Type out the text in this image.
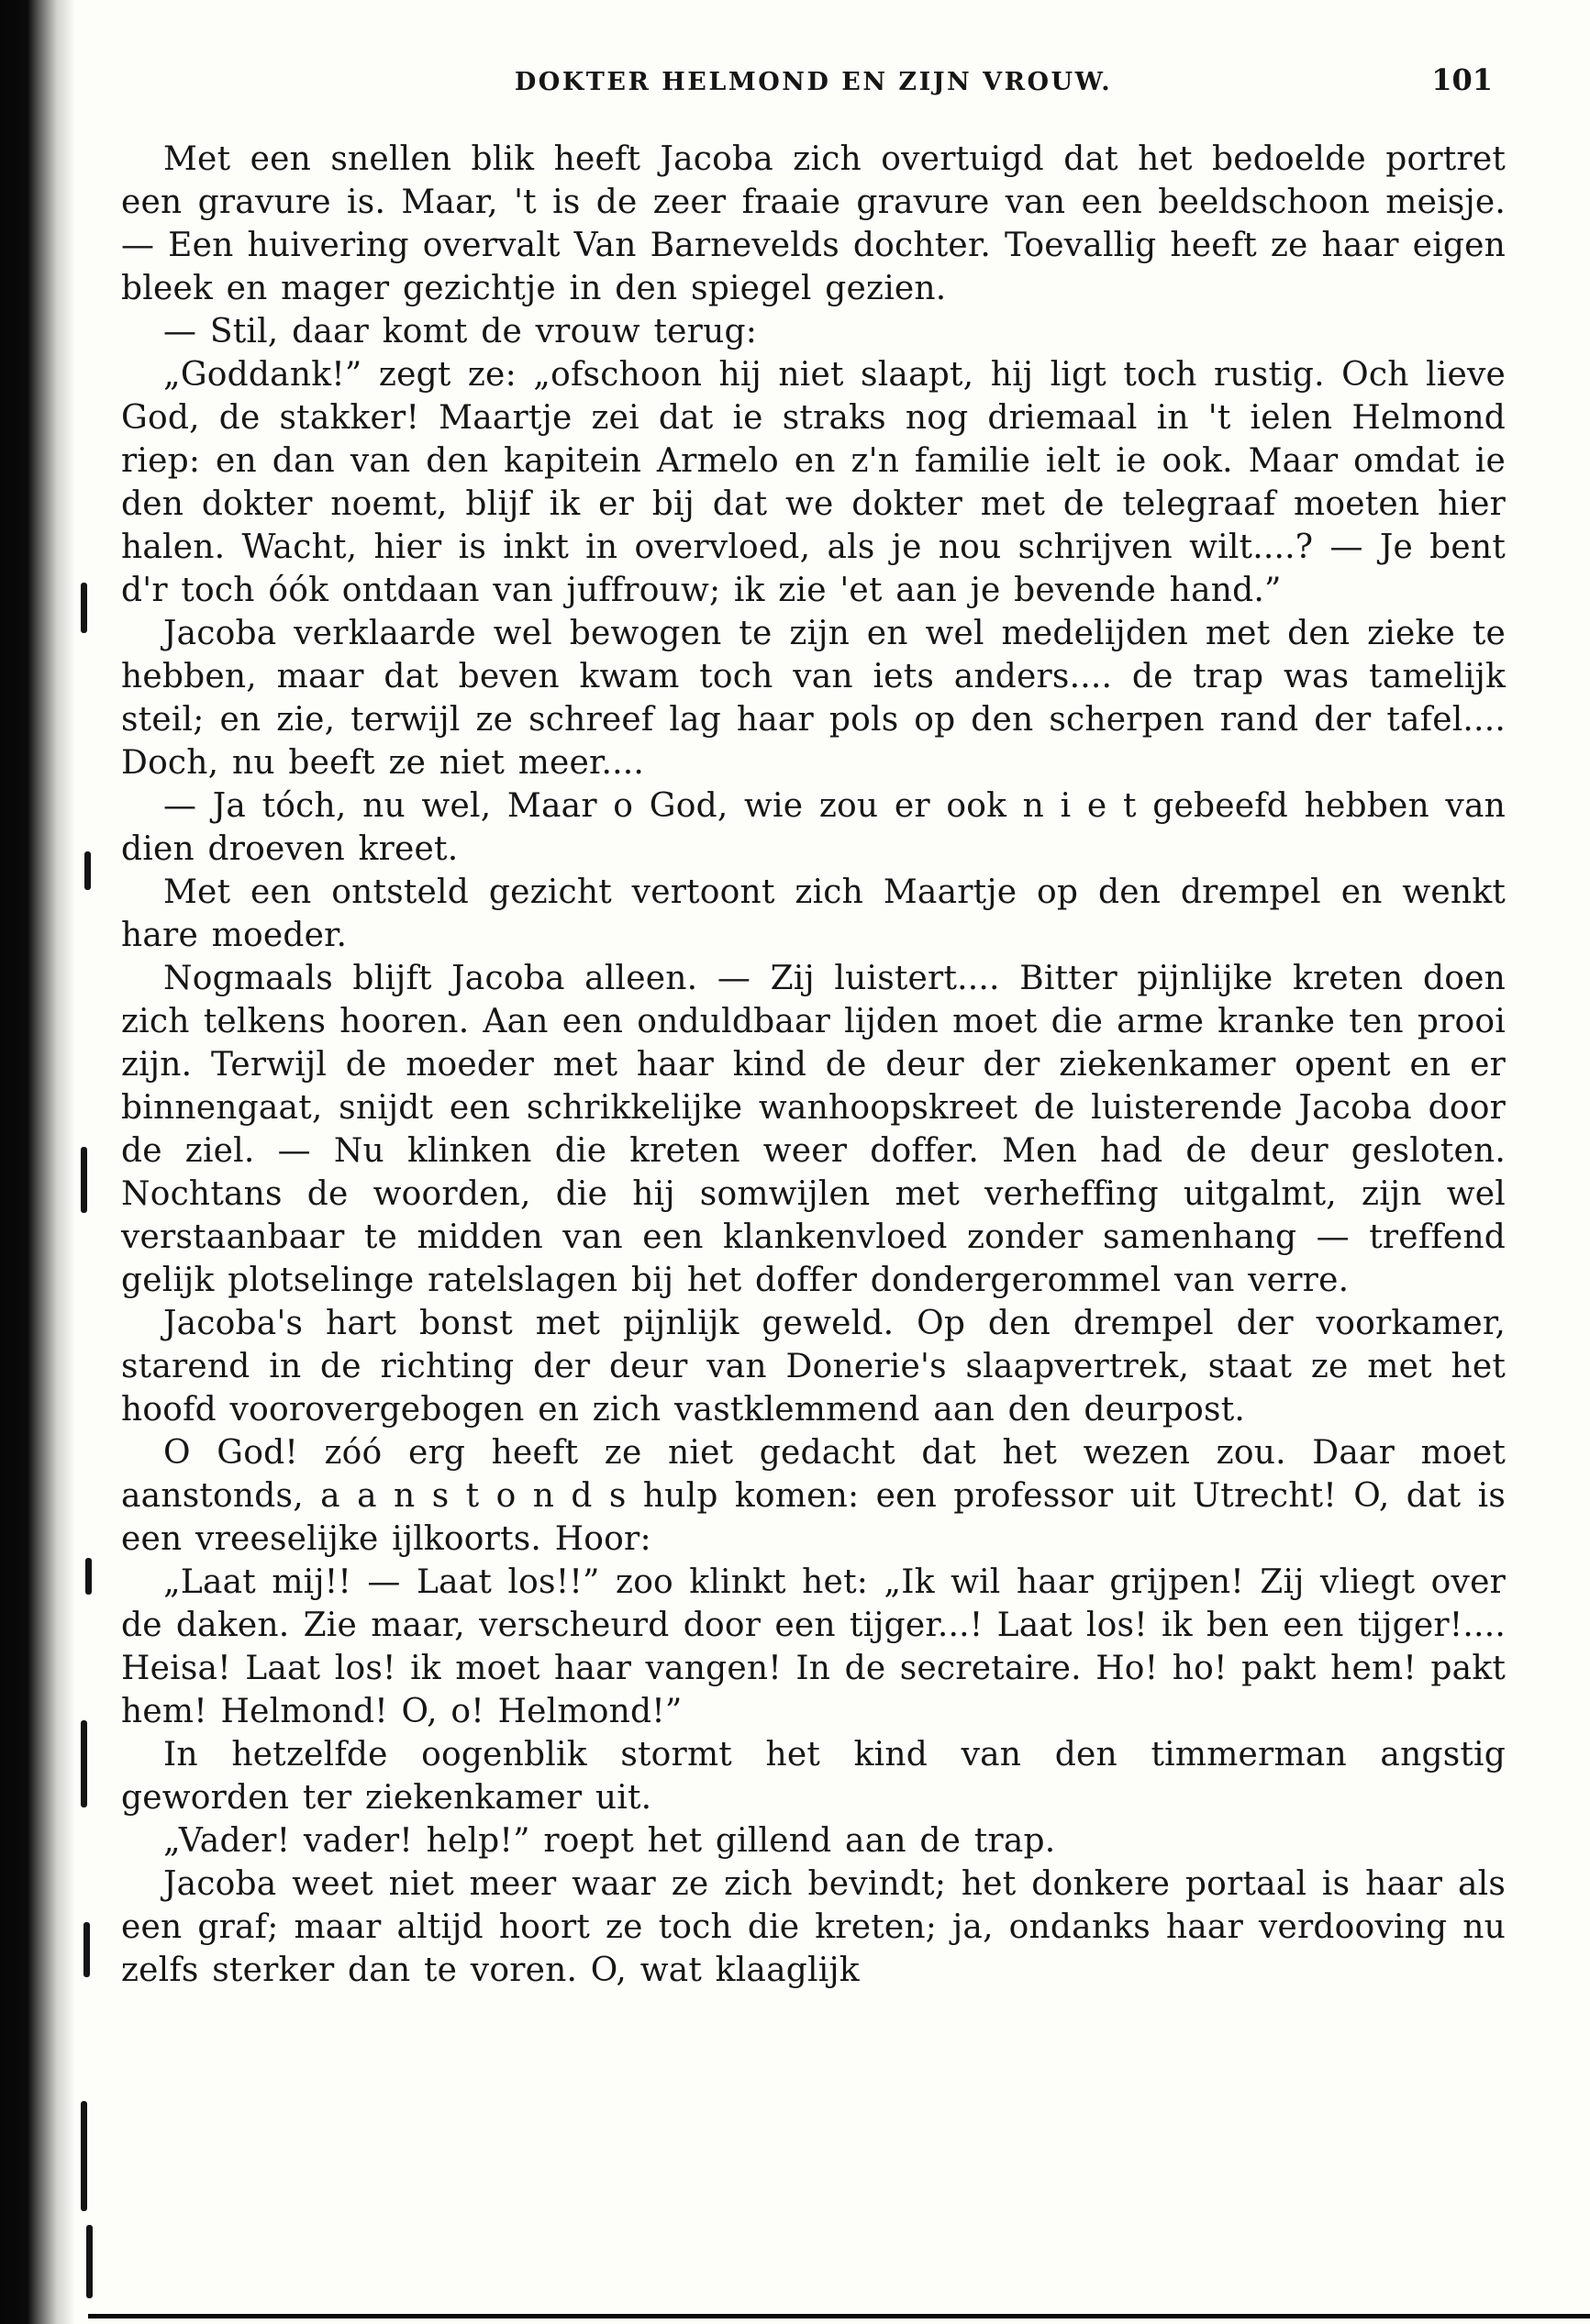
DOKTER HELMOND EN ZIJN VROUW.	101

Met een snellen blik heeft Jacoba zich overtuigd dat het bedoelde portret een gravure is. Maar, 't is de zeer fraaie gravure van een beeldschoon meisje. — Een huivering overvalt Van Barnevelds dochter. Toevallig heeft ze haar eigen bleek en mager gezichtje in den spiegel gezien.

— Stil, daar komt de vrouw terug:

„Goddank!” zegt ze: „ofschoon hij niet slaapt, hij ligt toch rustig. Och lieve God, de stakker! Maartje zei dat ie straks nog driemaal in 't ielen Helmond riep: en dan van den kapitein Armelo en z'n familie ielt ie ook. Maar omdat ie den dokter noemt, blijf ik er bij dat we dokter met de telegraaf moeten hier halen. Wacht, hier is inkt in overvloed, als je nou schrijven wilt....? — Je bent d'r toch óók ontdaan van juffrouw; ik zie 'et aan je bevende hand.”

Jacoba verklaarde wel bewogen te zijn en wel medelijden met den zieke te hebben, maar dat beven kwam toch van iets anders.... de trap was tamelijk steil; en zie, terwijl ze schreef lag haar pols op den scherpen rand der tafel.... Doch, nu beeft ze niet meer....

— Ja tóch, nu wel, Maar o God, wie zou er ook n i e t gebeefd hebben van dien droeven kreet.

Met een ontsteld gezicht vertoont zich Maartje op den drempel en wenkt hare moeder.

Nogmaals blijft Jacoba alleen. — Zij luistert.... Bitter pijnlijke kreten doen zich telkens hooren. Aan een onduldbaar lijden moet die arme kranke ten prooi zijn. Terwijl de moeder met haar kind de deur der ziekenkamer opent en er binnengaat, snijdt een schrikkelijke wanhoopskreet de luisterende Jacoba door de ziel. — Nu klinken die kreten weer doffer. Men had de deur gesloten. Nochtans de woorden, die hij somwijlen met verheffing uitgalmt, zijn wel verstaanbaar te midden van een klankenvloed zonder samenhang — treffend gelijk plotselinge ratelslagen bij het doffer dondergerommel van verre.

Jacoba's hart bonst met pijnlijk geweld. Op den drempel der voorkamer, starend in de richting der deur van Donerie's slaapvertrek, staat ze met het hoofd voorovergebogen en zich vastklemmend aan den deurpost.

O God! zóó erg heeft ze niet gedacht dat het wezen zou. Daar moet aanstonds, a a n s t o n d s hulp komen: een professor uit Utrecht! O, dat is een vreeselijke ijlkoorts. Hoor:

„Laat mij!! — Laat los!!” zoo klinkt het: „Ik wil haar grijpen! Zij vliegt over de daken. Zie maar, verscheurd door een tijger...! Laat los! ik ben een tijger!.... Heisa! Laat los! ik moet haar vangen! In de secretaire. Ho! ho! pakt hem! pakt hem! Helmond! O, o! Helmond!”

In hetzelfde oogenblik stormt het kind van den timmerman angstig geworden ter ziekenkamer uit.

„Vader! vader! help!” roept het gillend aan de trap.

Jacoba weet niet meer waar ze zich bevindt; het donkere portaal is haar als een graf; maar altijd hoort ze toch die kreten; ja, ondanks haar verdooving nu zelfs sterker dan te voren. O, wat klaaglijk
